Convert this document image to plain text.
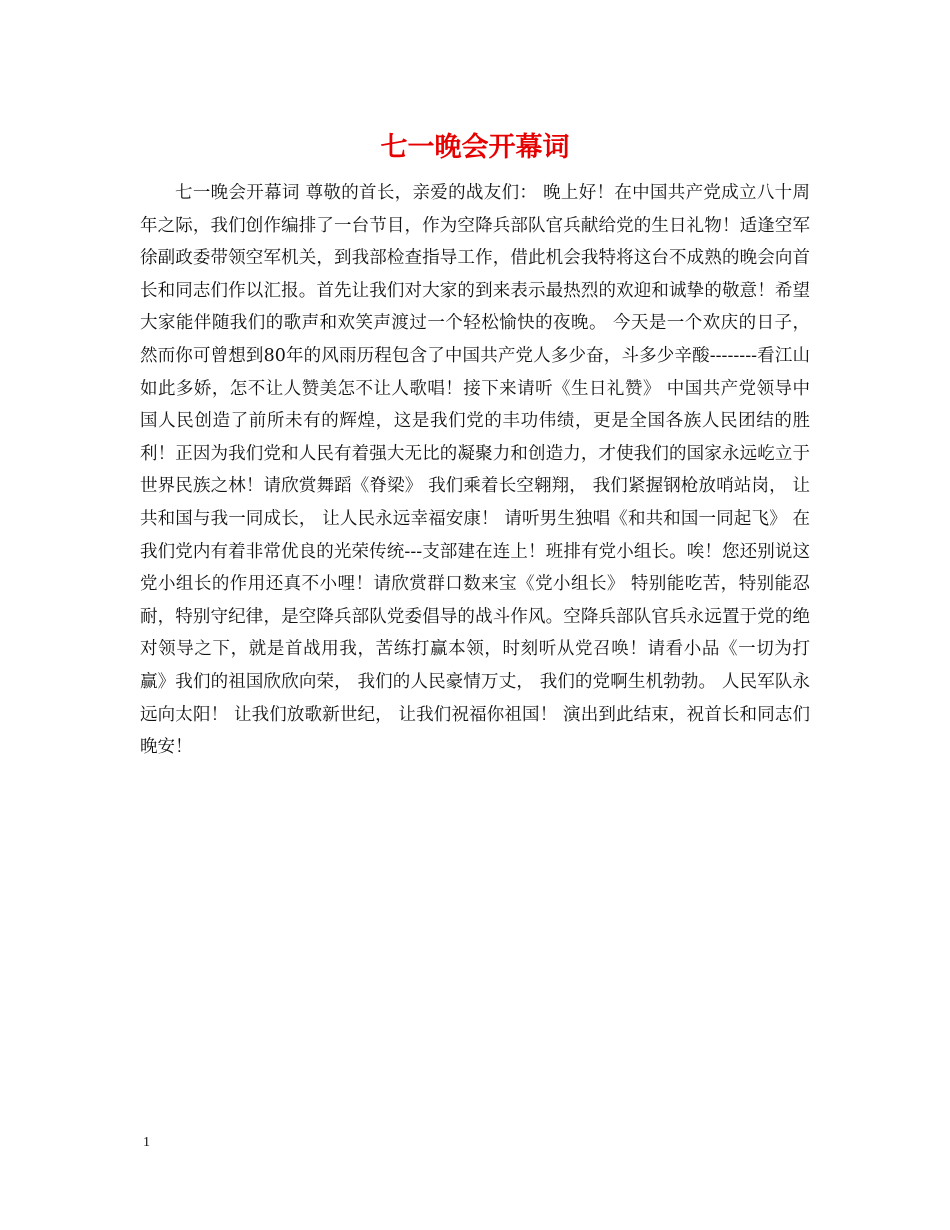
七一晚会开幕词

七一晚会开幕词 尊敬的首长，亲爱的战友们： 晚上好！在中国共产党成立八十周年之际，我们创作编排了一台节目，作为空降兵部队官兵献给党的生日礼物！适逢空军徐副政委带领空军机关，到我部检查指导工作，借此机会我特将这台不成熟的晚会向首长和同志们作以汇报。首先让我们对大家的到来表示最热烈的欢迎和诚挚的敬意！希望大家能伴随我们的歌声和欢笑声渡过一个轻松愉快的夜晚。 今天是一个欢庆的日子，然而你可曾想到80年的风雨历程包含了中国共产党人多少奋，斗多少辛酸--------看江山如此多娇，怎不让人赞美怎不让人歌唱！接下来请听《生日礼赞》 中国共产党领导中国人民创造了前所未有的辉煌，这是我们党的丰功伟绩，更是全国各族人民团结的胜利！正因为我们党和人民有着强大无比的凝聚力和创造力，才使我们的国家永远屹立于世界民族之林！请欣赏舞蹈《脊梁》 我们乘着长空翱翔， 我们紧握钢枪放哨站岗， 让共和国与我一同成长， 让人民永远幸福安康！ 请听男生独唱《和共和国一同起飞》 在我们党内有着非常优良的光荣传统---支部建在连上！班排有党小组长。唉！您还别说这党小组长的作用还真不小哩！请欣赏群口数来宝《党小组长》 特别能吃苦，特别能忍耐，特别守纪律，是空降兵部队党委倡导的战斗作风。空降兵部队官兵永远置于党的绝对领导之下，就是首战用我，苦练打赢本领，时刻听从党召唤！请看小品《一切为打赢》我们的祖国欣欣向荣， 我们的人民豪情万丈， 我们的党啊生机勃勃。 人民军队永远向太阳！ 让我们放歌新世纪， 让我们祝福你祖国！ 演出到此结束，祝首长和同志们晚安！

1
